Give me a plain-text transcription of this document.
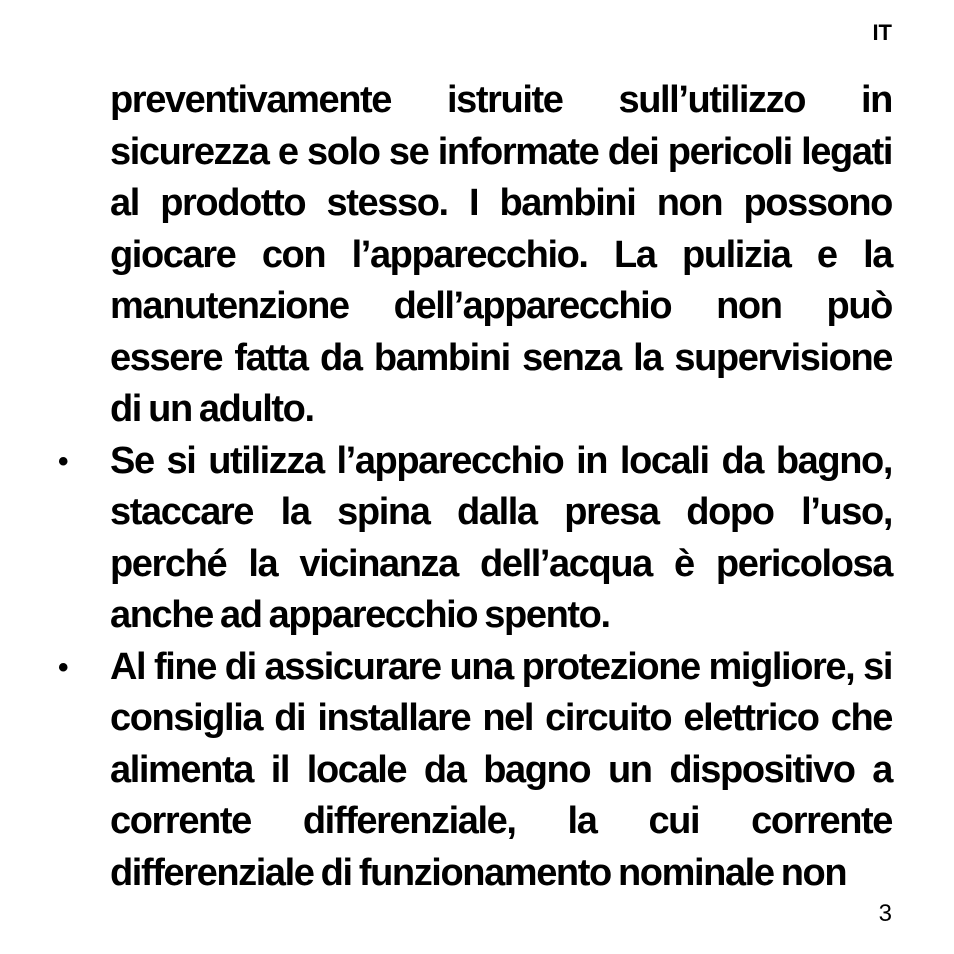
IT

preventivamente istruite sull’utilizzo in sicurezza e solo se informate dei pericoli legati al prodotto stesso. I bambini non possono giocare con l’apparecchio. La pulizia e la manutenzione dell’apparecchio non può essere fatta da bambini senza la supervisione di un adulto.

• Se si utilizza l’apparecchio in locali da bagno, staccare la spina dalla presa dopo l’uso, perché la vicinanza dell’acqua è pericolosa anche ad apparecchio spento.
• Al fine di assicurare una protezione migliore, si consiglia di installare nel circuito elettrico che alimenta il locale da bagno un dispositivo a corrente differenziale, la cui corrente differenziale di funzionamento nominale non
3
